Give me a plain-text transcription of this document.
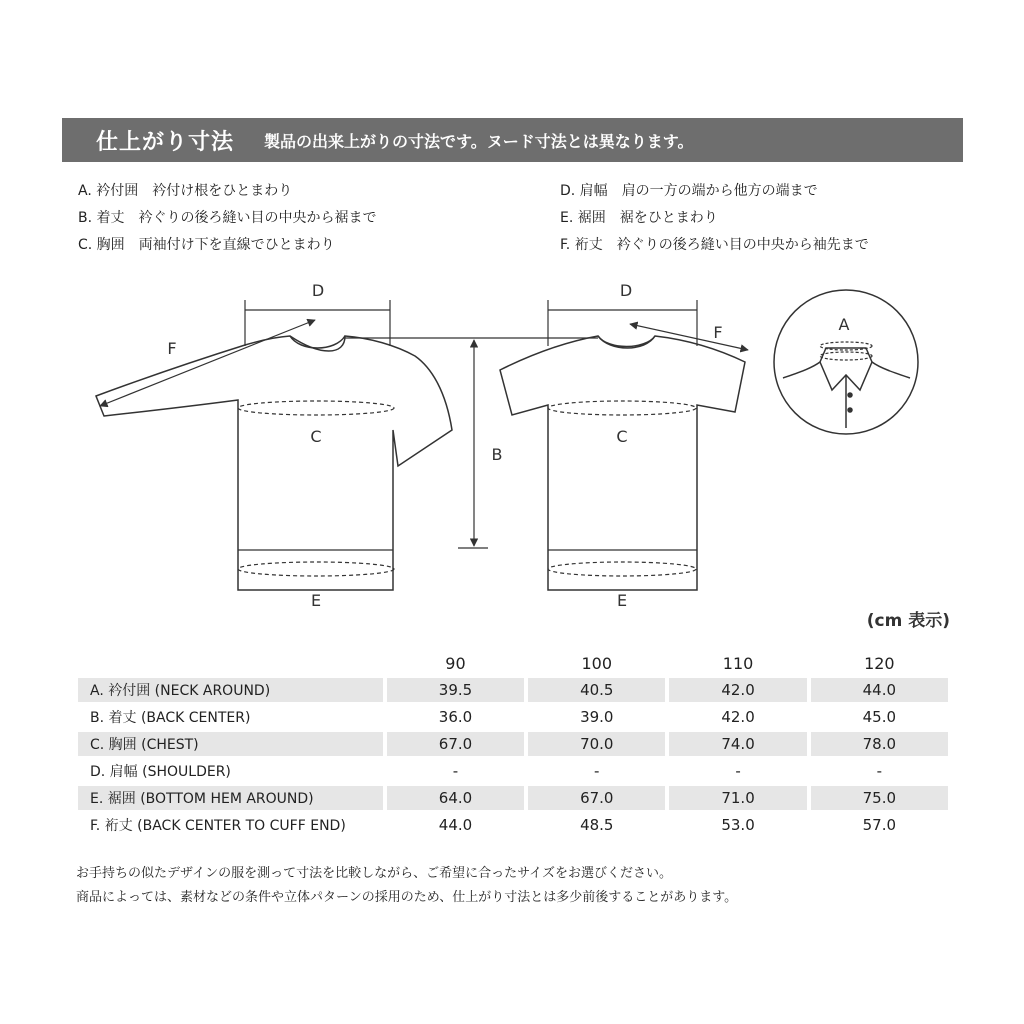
仕上がり寸法 製品の出来上がりの寸法です。ヌード寸法とは異なります。
A. 衿付囲 衿付け根をひとまわり
B. 着丈 衿ぐりの後ろ縫い目の中央から裾まで
C. 胸囲 両袖付け下を直線でひとまわり
D. 肩幅 肩の一方の端から他方の端まで
E. 裾囲 裾をひとまわり
F. 裄丈 衿ぐりの後ろ縫い目の中央から袖先まで
D	D
F
F
C	C
B
E	E
A
(cm 表示)
	90	100	110	120
A. 衿付囲 (NECK AROUND)	39.5	40.5	42.0	44.0
B. 着丈 (BACK CENTER)	36.0	39.0	42.0	45.0
C. 胸囲 (CHEST)	67.0	70.0	74.0	78.0
D. 肩幅 (SHOULDER)	-	-	-	-
E. 裾囲 (BOTTOM HEM AROUND)	64.0	67.0	71.0	75.0
F. 裄丈 (BACK CENTER TO CUFF END)	44.0	48.5	53.0	57.0
お手持ちの似たデザインの服を測って寸法を比較しながら、ご希望に合ったサイズをお選びください。
商品によっては、素材などの条件や立体パターンの採用のため、仕上がり寸法とは多少前後することがあります。
